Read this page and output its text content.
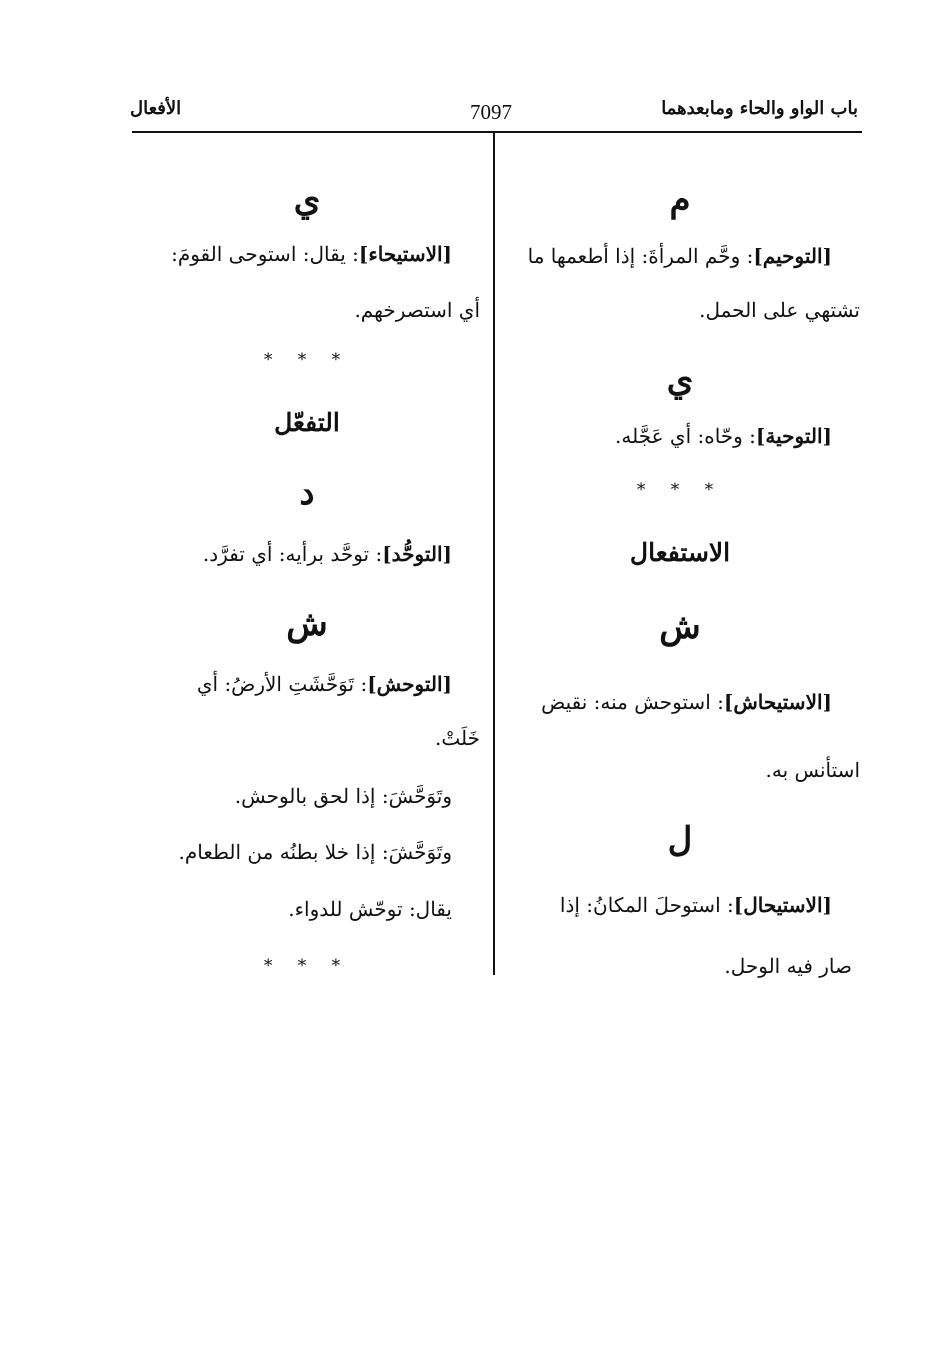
باب الواو والحاء ومابعدهما
7097
الأفعال
م
[التوحيم]: وحَّم المرأةَ: إذا أطعمها ما
تشتهي على الحمل.
ي
[التوحية]: وحّاه: أي عَجَّله.
* * *
الاستفعال
ش
[الاستيحاش]: استوحش منه: نقيض
استأنس به.
ل
[الاستيحال]: استوحلَ المكانُ: إذا
صار فيه الوحل.
ي
[الاستيحاء]: يقال: استوحى القومَ:
أي استصرخهم.
* * *
التفعّل
د
[التوحُّد]: توحَّد برأيه: أي تفرَّد.
ش
[التوحش]: تَوَحَّشَتِ الأرضُ: أي
خَلَتْ.
وتَوَحَّشَ: إذا لحق بالوحش.
وتَوَحَّشَ: إذا خلا بطنُه من الطعام.
يقال: توحّش للدواء.
* * *
